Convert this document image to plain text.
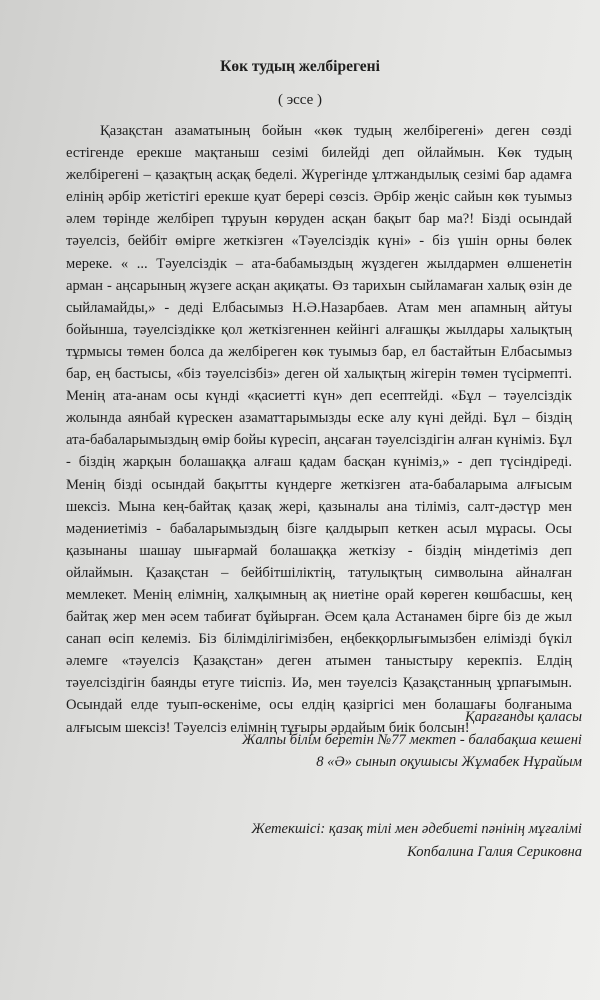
Көк тудың желбірегені
( эссе )

Қазақстан азаматының бойын «көк тудың желбірегені» деген сөзді естігенде ерекше мақтаныш сезімі билейді деп ойлаймын. Көк тудың желбірегені – қазақтың асқақ беделі. Жүрегінде ұлтжандылық сезімі бар адамға елінің әрбір жетістігі ерекше қуат берері сөзсіз. Әрбір жеңіс сайын көк туымыз әлем төрінде желбіреп тұруын көруден асқан бақыт бар ма?! Бізді осындай тәуелсіз, бейбіт өмірге жеткізген «Тәуелсіздік күні» - біз үшін орны бөлек мереке. « ... Тәуелсіздік – ата-бабамыздың жүздеген жылдармен өлшенетін арман - аңсарының жүзеге асқан ақиқаты. Өз тарихын сыйламаған халық өзін де сыйламайды,» - деді Елбасымыз Н.Ә.Назарбаев. Атам мен апамның айтуы бойынша, тәуелсіздікке қол жеткізгеннен кейінгі алғашқы жылдары халықтың тұрмысы төмен болса да желбіреген көк туымыз бар, ел бастайтын Елбасымыз бар, ең бастысы, «біз тәуелсізбіз» деген ой халықтың жігерін төмен түсірмепті. Менің ата-анам осы күнді «қасиетті күн» деп есептейді. «Бұл – тәуелсіздік жолында аянбай күрескен азаматтарымызды еске алу күні дейді. Бұл – біздің ата-бабаларымыздың өмір бойы күресіп, аңсаған тәуелсіздігін алған күніміз. Бұл - біздің жарқын болашаққа алғаш қадам басқан күніміз,» - деп түсіндіреді. Менің бізді осындай бақытты күндерге жеткізген ата-бабаларыма алғысым шексіз. Мына кең-байтақ қазақ жері, қазыналы ана тіліміз, салт-дәстүр мен мәдениетіміз - бабаларымыздың бізге қалдырып кеткен асыл мұрасы. Осы қазынаны шашау шығармай болашаққа жеткізу - біздің міндетіміз деп ойлаймын. Қазақстан – бейбітшіліктің, татулықтың символына айналған мемлекет. Менің елімнің, халқымның ақ ниетіне орай көреген көшбасшы, кең байтақ жер мен әсем табиғат бұйырған. Әсем қала Астанамен бірге біз де жыл санап өсіп келеміз. Біз білімділігімізбен, еңбекқорлығымызбен елімізді бүкіл әлемге «тәуелсіз Қазақстан» деген атымен таныстыру керекпіз. Елдің тәуелсіздігін баянды етуге тиіспіз. Иә, мен тәуелсіз Қазақстанның ұрпағымын. Осындай елде туып-өскеніме, осы елдің қазіргісі мен болашағы болғаныма алғысым шексіз! Тәуелсіз елімнің тұғыры әрдайым биік болсын!

Қарағанды қаласы
Жалпы білім беретін №77 мектеп - балабақша кешені
8 «Ә» сынып оқушысы Жұмабек Нұрайым
Жетекшісі: қазақ тілі мен әдебиеті пәнінің мұғалімі
Копбалина Галия Сериковна
